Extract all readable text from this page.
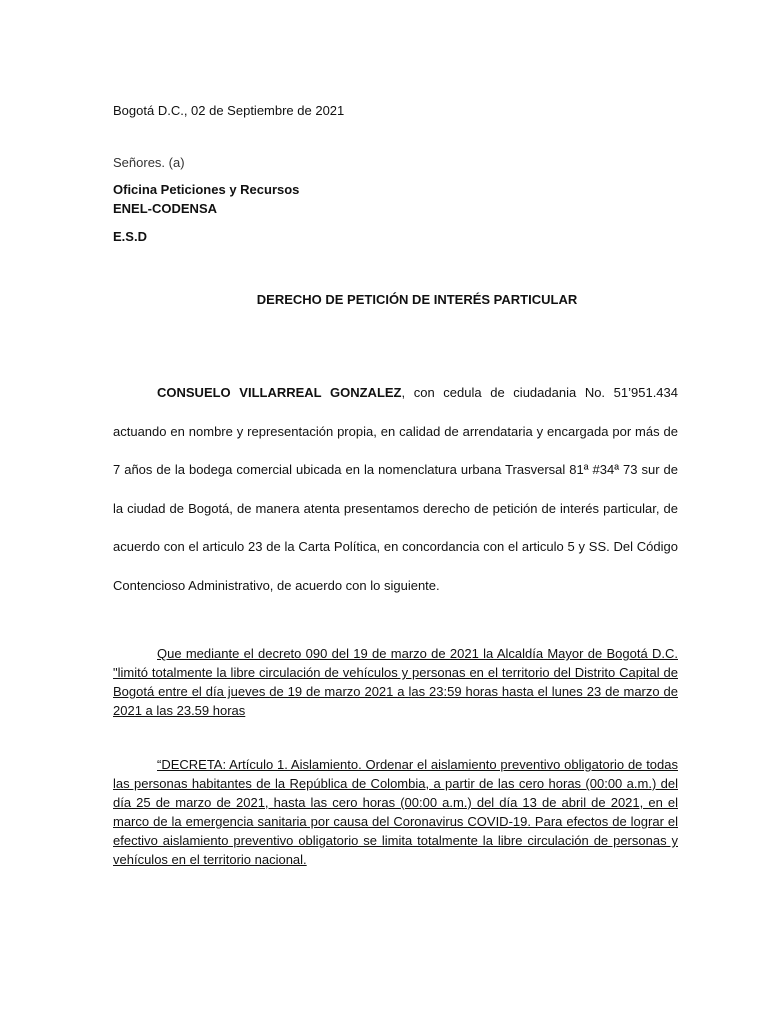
Bogotá D.C., 02 de Septiembre de 2021
Señores. (a)
Oficina Peticiones y Recursos
ENEL-CODENSA
E.S.D
DERECHO DE PETICIÓN DE INTERÉS PARTICULAR

CONSUELO VILLARREAL GONZALEZ, con cedula de ciudadania No. 51’951.434 actuando en nombre y representación propia, en calidad de arrendataria y encargada por más de 7 años de la bodega comercial ubicada en la nomenclatura urbana Trasversal 81ª #34ª 73 sur de la ciudad de Bogotá, de manera atenta presentamos derecho de petición de interés particular, de acuerdo con el articulo 23 de la Carta Política, en concordancia con el articulo 5 y SS. Del Código Contencioso Administrativo, de acuerdo con lo siguiente.

Que mediante el decreto 090 del 19 de marzo de 2021 la Alcaldía Mayor de Bogotá D.C. "limitó totalmente la libre circulación de vehículos y personas en el territorio del Distrito Capital de Bogotá entre el día jueves de 19 de marzo 2021 a las 23:59 horas hasta el lunes 23 de marzo de 2021 a las 23.59 horas

“DECRETA: Artículo 1. Aislamiento. Ordenar el aislamiento preventivo obligatorio de todas las personas habitantes de la República de Colombia, a partir de las cero horas (00:00 a.m.) del día 25 de marzo de 2021, hasta las cero horas (00:00 a.m.) del día 13 de abril de 2021, en el marco de la emergencia sanitaria por causa del Coronavirus COVID-19. Para efectos de lograr el efectivo aislamiento preventivo obligatorio se limita totalmente la libre circulación de personas y vehículos en el territorio nacional.
